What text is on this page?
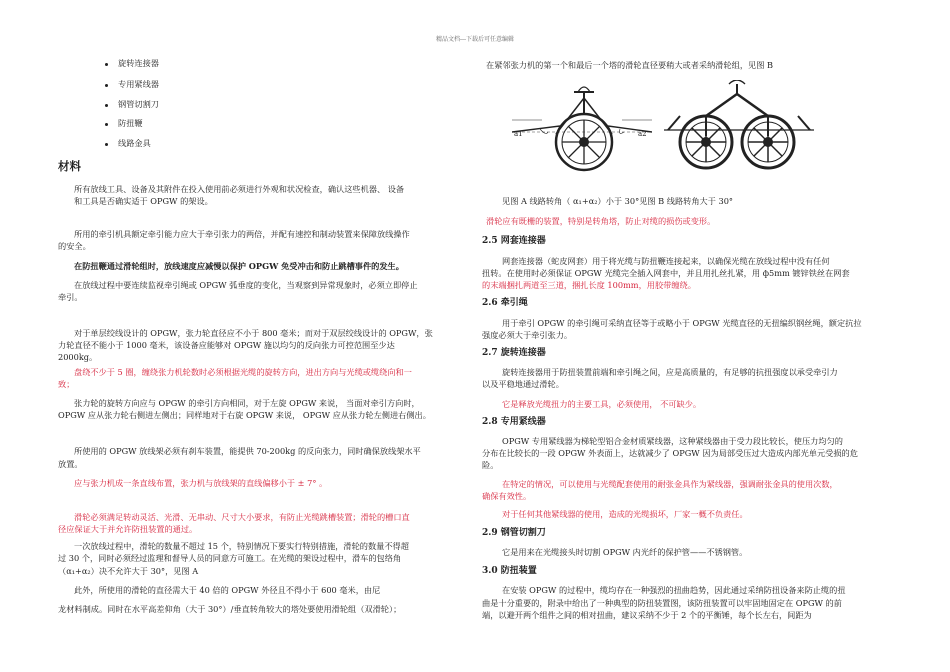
精品文档---下载后可任意编辑
旋转连接器
专用紧线器
钢管切割刀
防扭鞭
线路金具
材料
所有放线工具、设备及其附件在投入使用前必须进行外观和状况检查，确认这些机器、 设备
和工具是否确实适于 OPGW 的架设。
所用的牵引机具额定牵引能力应大于牵引张力的两倍，并配有速控和制动装置来保障放线操作
的安全。
在防扭鞭通过滑轮组时，放线速度应减慢以保护 OPGW 免受冲击和防止跳槽事件的发生。
在放线过程中要连续监视牵引绳或 OPGW 弧垂度的变化，当观察到异常现象时，必须立即停止
牵引。
对于单层绞线设计的 OPGW，张力轮直径应不小于 800 毫米；而对于双层绞线设计的 OPGW，张
力轮直径不能小于 1000 毫米，该设备应能够对 OPGW 施以均匀的反向张力可控范围至少达
2000kg。
盘绕不少于 5 圈，缠绕张力机轮数时必须根据光缆的旋转方向，进出方向与光缆或缆绕向和一
致；
张力轮的旋转方向应与 OPGW 的牵引方向相同，对于左旋 OPGW 来说， 当面对牵引方向时，
OPGW 应从张力轮右侧进左侧出；同样地对于右旋 OPGW 来说， OPGW 应从张力轮左侧进右侧出。
所使用的 OPGW 放线架必须有刹车装置，能提供 70-200kg 的反向张力，同时确保放线架水平
放置。
应与张力机成一条直线布置，张力机与放线架的直线偏移小于 ± 7° 。
滑轮必须满足转动灵活、光滑、无串动、尺寸大小要求，有防止光缆跳槽装置；滑轮的槽口直
径应保证大于并允许防扭装置的通过。
一次放线过程中，滑轮的数量不超过 15 个，特别情况下要实行特别措施，滑轮的数量不得超
过 30 个，同时必须经过监理和督导人员的同意方可施工。在光缆的架设过程中，滑车的包络角
（α₁+α₂）决不允许大于 30°，见图 A
此外，所使用的滑轮的直径需大于 40 倍的 OPGW 外径且不得小于 600 毫米，由尼
龙材料制成。同时在水平高差仰角（大于 30°）/垂直转角较大的塔处要使用滑轮组（双滑轮）；
在紧邻张力机的第一个和最后一个塔的滑轮直径要稍大或者采纳滑轮组，见图 B
a1	a2
见图 A 线路转角（ α₁+α₂）小于 30°见图 B 线路转角大于 30°
滑轮应有既栅的装置，特别是转角塔，防止对缆的损伤或变形。
2.5 网套连接器
网套连接器（蛇皮网套）用于将光缆与防扭鞭连接起来，以确保光缆在放线过程中没有任何
扭转。在使用时必须保证 OPGW 光缆完全插入网套中，并且用扎丝扎紧，用 ф5mm 镀锌铁丝在网套
的末端捆扎两道至三道，捆扎长度 100mm，用胶带缠绕。
2.6 牵引绳
用于牵引 OPGW 的牵引绳可采纳直径等于或略小于 OPGW 光缆直径的无扭编织钢丝绳，额定抗拉
强度必须大于牵引张力。
2.7 旋转连接器
旋转连接器用于防扭装置前端和牵引绳之间，应是高质量的，有足够的抗扭强度以承受牵引力
以及平稳地通过滑轮。
它是释放光缆扭力的主要工具，必须使用， 不可缺少。
2.8 专用紧线器
OPGW 专用紧线器为梯轮型铝合金材质紧线器，这种紧线器由于受力段比较长，使压力均匀的
分布在比较长的一段 OPGW 外表面上，达就减少了 OPGW 因为局部受压过大造成内部光单元受损的危
险。
在特定的情况，可以使用与光缆配套使用的耐张金具作为紧线器，强调耐张金具的使用次数，
确保有效性。
对于任何其他紧线器的使用，造成的光缆损坏，厂家一概不负责任。
2.9 钢管切割刀
它是用来在光缆接头时切割 OPGW 内光纤的保护管——不锈钢管。
3.0 防扭装置
在安装 OPGW 的过程中，缆均存在一种强烈的扭曲趋势，因此通过采纳防扭设备来防止缆的扭
曲是十分重要的，附录中给出了一种典型的防扭装置图，该防扭装置可以牢固地固定在 OPGW 的前
端，以避开两个组件之间的相对扭曲，建议采纳不少于 2 个的平衡锤，每个长左右，间距为
